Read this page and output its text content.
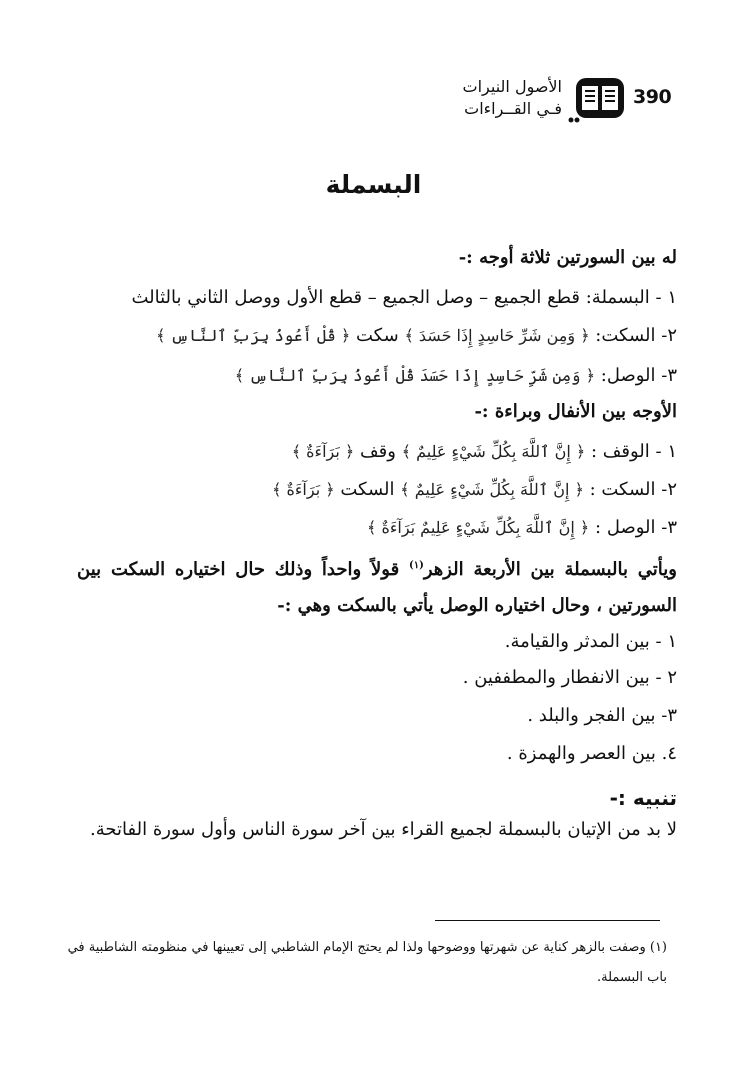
390
الأصول النيرات
فـي القــراءات
البسملة
له بين السورتين ثلاثة أوجه :-
١ - البسملة: قطع الجميع – وصل الجميع – قطع الأول ووصل الثاني بالثالث
٢- السكت: ﴿ وَمِن شَرِّ حَاسِدٍ إِذَا حَسَدَ ﴾ سكت ﴿ قُلْ أَعُوذُ بِرَبِّ ٱلنَّاسِ ﴾
٣- الوصل: ﴿ وَمِن شَرِّ حَاسِدٍ إِذَا حَسَدَ قُلْ أَعُوذُ بِرَبِّ ٱلنَّاسِ ﴾
الأوجه بين الأنفال وبراءة :-
١ - الوقف : ﴿ إِنَّ ٱللَّهَ بِكُلِّ شَيْءٍ عَلِيمٌ ﴾ وقف ﴿ بَرَآءَةٌ ﴾
٢- السكت : ﴿ إِنَّ ٱللَّهَ بِكُلِّ شَيْءٍ عَلِيمٌ ﴾ السكت ﴿ بَرَآءَةٌ ﴾
٣- الوصل : ﴿ إِنَّ ٱللَّهَ بِكُلِّ شَيْءٍ عَلِيمٌ بَرَآءَةٌ ﴾
ويأتي بالبسملة بين الأربعة الزهر$^{(١)}$ قولاً واحداً وذلك حال اختياره السكت بين
السورتين ، وحال اختياره الوصل يأتي بالسكت وهي :-
١ - بين المدثر والقيامة.
٢ - بين الانفطار والمطففين .
٣- بين الفجر والبلد .
٤. بين العصر والهمزة .
تنبيه :-
لا بد من الإتيان بالبسملة لجميع القراء بين آخر سورة الناس وأول سورة الفاتحة.
(١) وصفت بالزهر كناية عن شهرتها ووضوحها ولذا لم يحتج الإمام الشاطبي إلى تعيينها في منظومته الشاطبية في
باب البسملة.
